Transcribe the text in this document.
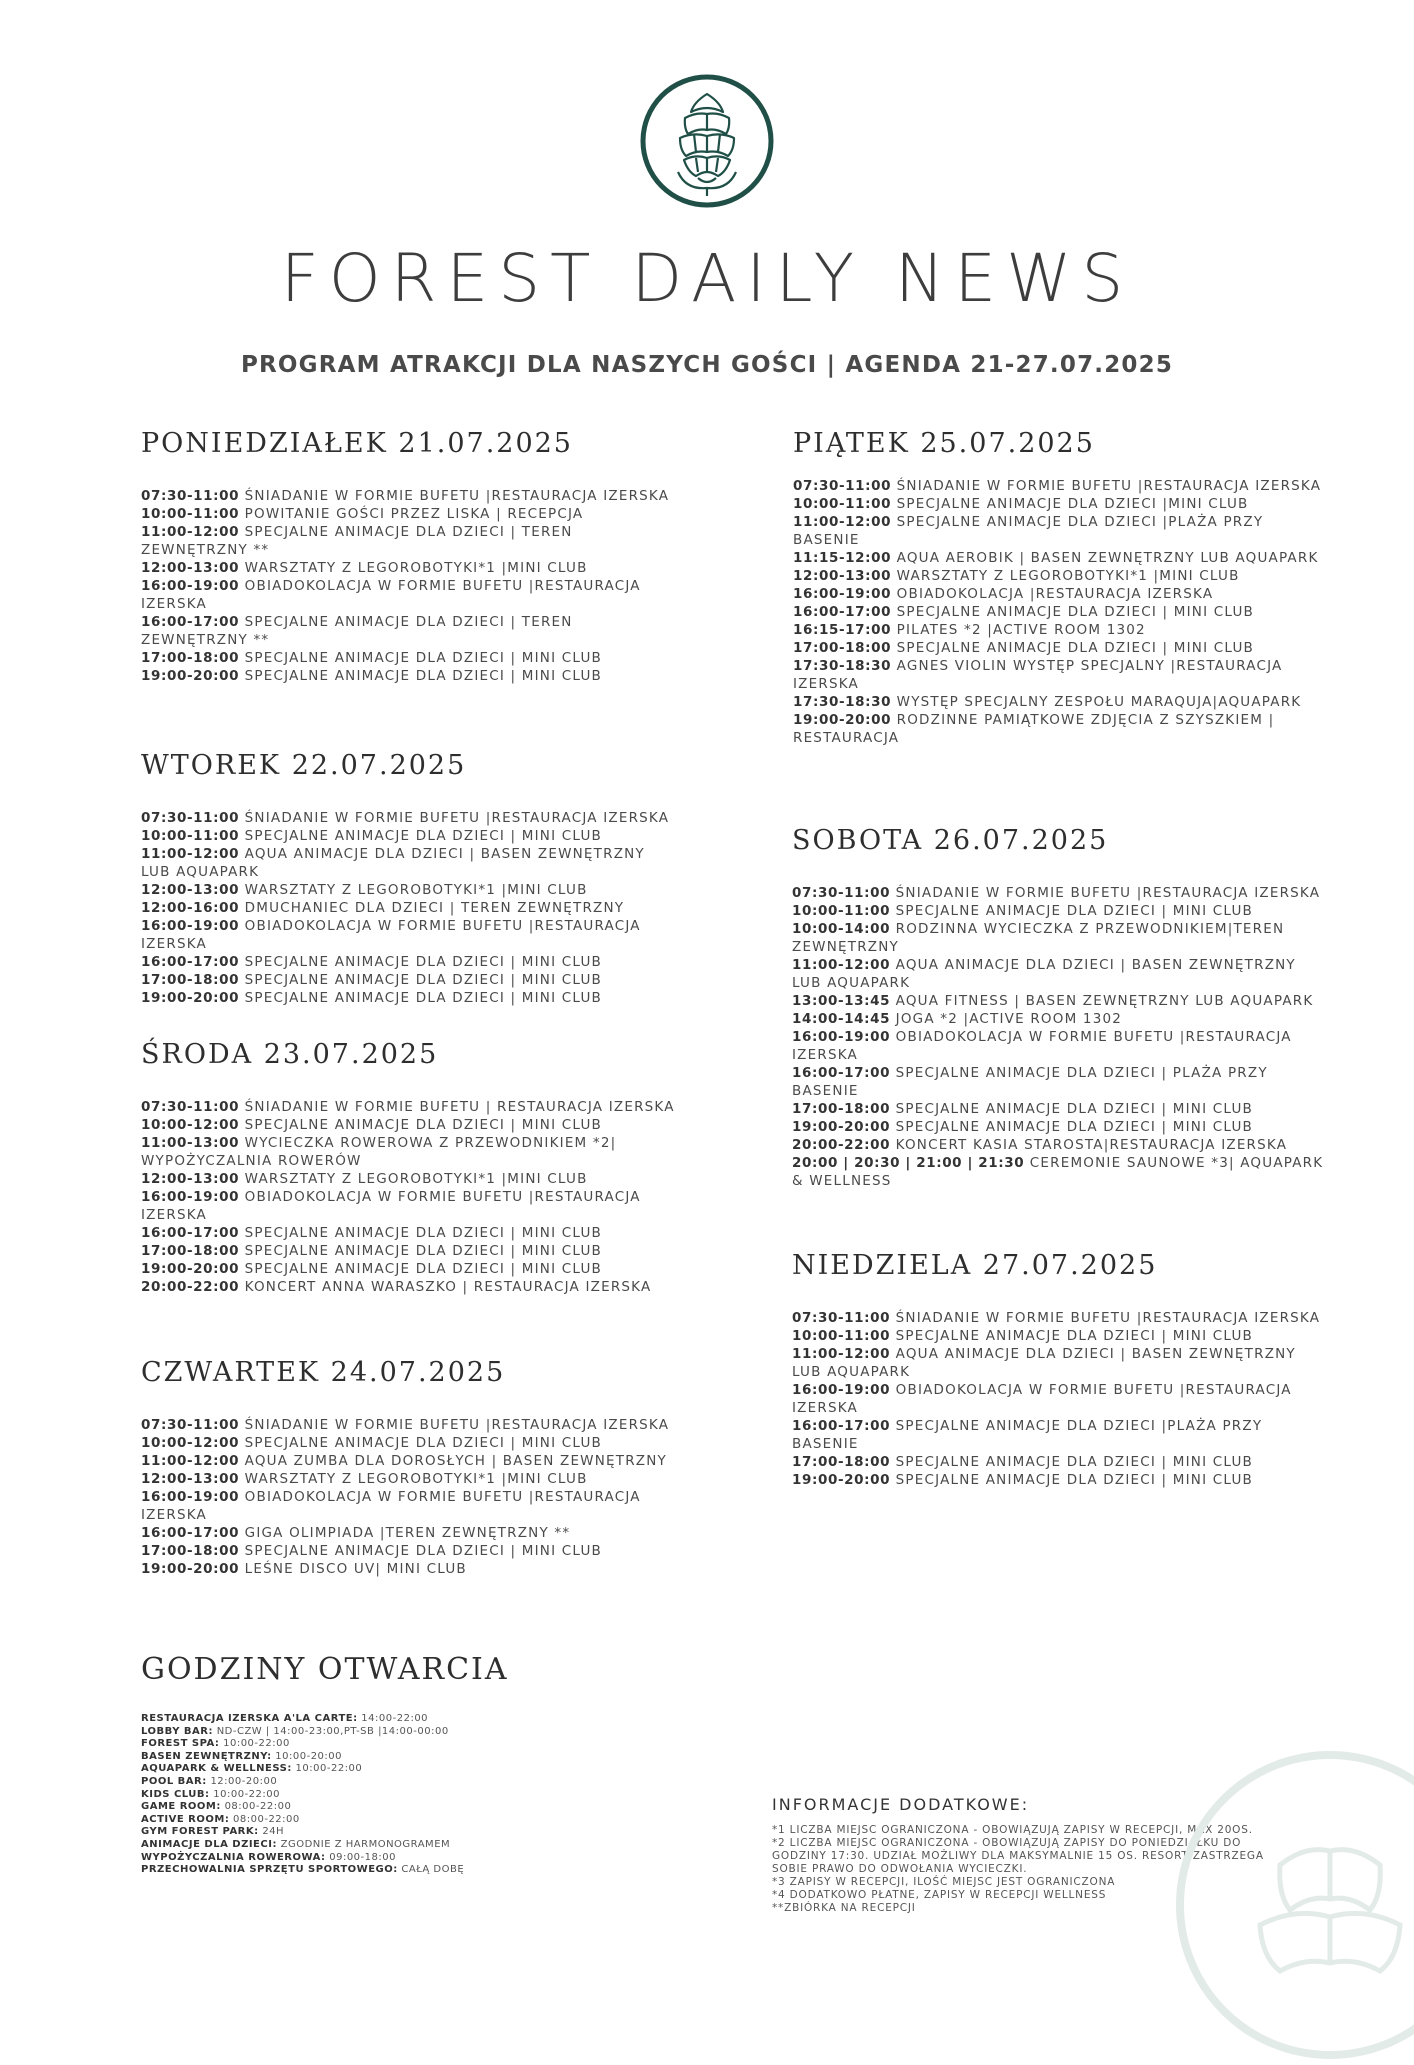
FOREST DAILY NEWS
PROGRAM ATRAKCJI DLA NASZYCH GOŚCI | AGENDA 21-27.07.2025
PONIEDZIAŁEK 21.07.2025
07:30-11:00 ŚNIADANIE W FORMIE BUFETU |RESTAURACJA IZERSKA
10:00-11:00 POWITANIE GOŚCI PRZEZ LISKA | RECEPCJA
11:00-12:00 SPECJALNE ANIMACJE DLA DZIECI | TEREN ZEWNĘTRZNY **
12:00-13:00 WARSZTATY Z LEGOROBOTYKI*1 |MINI CLUB
16:00-19:00 OBIADOKOLACJA W FORMIE BUFETU |RESTAURACJA IZERSKA
16:00-17:00 SPECJALNE ANIMACJE DLA DZIECI | TEREN ZEWNĘTRZNY **
17:00-18:00 SPECJALNE ANIMACJE DLA DZIECI | MINI CLUB
19:00-20:00 SPECJALNE ANIMACJE DLA DZIECI | MINI CLUB
WTOREK 22.07.2025
07:30-11:00 ŚNIADANIE W FORMIE BUFETU |RESTAURACJA IZERSKA
10:00-11:00 SPECJALNE ANIMACJE DLA DZIECI | MINI CLUB
11:00-12:00 AQUA ANIMACJE DLA DZIECI | BASEN ZEWNĘTRZNY LUB AQUAPARK
12:00-13:00 WARSZTATY Z LEGOROBOTYKI*1 |MINI CLUB
12:00-16:00 DMUCHANIEC DLA DZIECI | TEREN ZEWNĘTRZNY
16:00-19:00 OBIADOKOLACJA W FORMIE BUFETU |RESTAURACJA IZERSKA
16:00-17:00 SPECJALNE ANIMACJE DLA DZIECI | MINI CLUB
17:00-18:00 SPECJALNE ANIMACJE DLA DZIECI | MINI CLUB
19:00-20:00 SPECJALNE ANIMACJE DLA DZIECI | MINI CLUB
ŚRODA 23.07.2025
07:30-11:00 ŚNIADANIE W FORMIE BUFETU | RESTAURACJA IZERSKA
10:00-12:00 SPECJALNE ANIMACJE DLA DZIECI | MINI CLUB
11:00-13:00 WYCIECZKA ROWEROWA Z PRZEWODNIKIEM *2| WYPOŻYCZALNIA ROWERÓW
12:00-13:00 WARSZTATY Z LEGOROBOTYKI*1 |MINI CLUB
16:00-19:00 OBIADOKOLACJA W FORMIE BUFETU |RESTAURACJA IZERSKA
16:00-17:00 SPECJALNE ANIMACJE DLA DZIECI | MINI CLUB
17:00-18:00 SPECJALNE ANIMACJE DLA DZIECI | MINI CLUB
19:00-20:00 SPECJALNE ANIMACJE DLA DZIECI | MINI CLUB
20:00-22:00 KONCERT ANNA WARASZKO | RESTAURACJA IZERSKA
CZWARTEK 24.07.2025
07:30-11:00 ŚNIADANIE W FORMIE BUFETU |RESTAURACJA IZERSKA
10:00-12:00 SPECJALNE ANIMACJE DLA DZIECI | MINI CLUB
11:00-12:00 AQUA ZUMBA DLA DOROSŁYCH | BASEN ZEWNĘTRZNY
12:00-13:00 WARSZTATY Z LEGOROBOTYKI*1 |MINI CLUB
16:00-19:00 OBIADOKOLACJA W FORMIE BUFETU |RESTAURACJA IZERSKA
16:00-17:00 GIGA OLIMPIADA |TEREN ZEWNĘTRZNY **
17:00-18:00 SPECJALNE ANIMACJE DLA DZIECI | MINI CLUB
19:00-20:00 LEŚNE DISCO UV| MINI CLUB
PIĄTEK 25.07.2025
07:30-11:00 ŚNIADANIE W FORMIE BUFETU |RESTAURACJA IZERSKA
10:00-11:00 SPECJALNE ANIMACJE DLA DZIECI |MINI CLUB
11:00-12:00 SPECJALNE ANIMACJE DLA DZIECI |PLAŻA PRZY BASENIE
11:15-12:00 AQUA AEROBIK | BASEN ZEWNĘTRZNY LUB AQUAPARK
12:00-13:00 WARSZTATY Z LEGOROBOTYKI*1 |MINI CLUB
16:00-19:00 OBIADOKOLACJA |RESTAURACJA IZERSKA
16:00-17:00 SPECJALNE ANIMACJE DLA DZIECI | MINI CLUB
16:15-17:00 PILATES *2 |ACTIVE ROOM 1302
17:00-18:00 SPECJALNE ANIMACJE DLA DZIECI | MINI CLUB
17:30-18:30 AGNES VIOLIN WYSTĘP SPECJALNY |RESTAURACJA IZERSKA
17:30-18:30 WYSTĘP SPECJALNY ZESPOŁU MARAQUJA|AQUAPARK
19:00-20:00 RODZINNE PAMIĄTKOWE ZDJĘCIA Z SZYSZKIEM | RESTAURACJA
SOBOTA 26.07.2025
07:30-11:00 ŚNIADANIE W FORMIE BUFETU |RESTAURACJA IZERSKA
10:00-11:00 SPECJALNE ANIMACJE DLA DZIECI | MINI CLUB
10:00-14:00 RODZINNA WYCIECZKA Z PRZEWODNIKIEM|TEREN ZEWNĘTRZNY
11:00-12:00 AQUA ANIMACJE DLA DZIECI | BASEN ZEWNĘTRZNY LUB AQUAPARK
13:00-13:45 AQUA FITNESS | BASEN ZEWNĘTRZNY LUB AQUAPARK
14:00-14:45 JOGA *2 |ACTIVE ROOM 1302
16:00-19:00 OBIADOKOLACJA W FORMIE BUFETU |RESTAURACJA IZERSKA
16:00-17:00 SPECJALNE ANIMACJE DLA DZIECI | PLAŻA PRZY BASENIE
17:00-18:00 SPECJALNE ANIMACJE DLA DZIECI | MINI CLUB
19:00-20:00 SPECJALNE ANIMACJE DLA DZIECI | MINI CLUB
20:00-22:00 KONCERT KASIA STAROSTA|RESTAURACJA IZERSKA
20:00 | 20:30 | 21:00 | 21:30 CEREMONIE SAUNOWE *3| AQUAPARK & WELLNESS
NIEDZIELA 27.07.2025
07:30-11:00 ŚNIADANIE W FORMIE BUFETU |RESTAURACJA IZERSKA
10:00-11:00 SPECJALNE ANIMACJE DLA DZIECI | MINI CLUB
11:00-12:00 AQUA ANIMACJE DLA DZIECI | BASEN ZEWNĘTRZNY LUB AQUAPARK
16:00-19:00 OBIADOKOLACJA W FORMIE BUFETU |RESTAURACJA IZERSKA
16:00-17:00 SPECJALNE ANIMACJE DLA DZIECI |PLAŻA PRZY BASENIE
17:00-18:00 SPECJALNE ANIMACJE DLA DZIECI | MINI CLUB
19:00-20:00 SPECJALNE ANIMACJE DLA DZIECI | MINI CLUB
GODZINY OTWARCIA
RESTAURACJA IZERSKA A'LA CARTE: 14:00-22:00
LOBBY BAR: ND-CZW | 14:00-23:00,PT-SB |14:00-00:00
FOREST SPA: 10:00-22:00
BASEN ZEWNĘTRZNY: 10:00-20:00
AQUAPARK & WELLNESS: 10:00-22:00
POOL BAR: 12:00-20:00
KIDS CLUB: 10:00-22:00
GAME ROOM: 08:00-22:00
ACTIVE ROOM: 08:00-22:00
GYM FOREST PARK: 24H
ANIMACJE DLA DZIECI: ZGODNIE Z HARMONOGRAMEM
WYPOŻYCZALNIA ROWEROWA: 09:00-18:00
PRZECHOWALNIA SPRZĘTU SPORTOWEGO: CAŁĄ DOBĘ
INFORMACJE DODATKOWE:
*1 LICZBA MIEJSC OGRANICZONA - OBOWIĄZUJĄ ZAPISY W RECEPCJI, MAX 20OS.
*2 LICZBA MIEJSC OGRANICZONA - OBOWIĄZUJĄ ZAPISY DO PONIEDZIAŁKU DO GODZINY 17:30. UDZIAŁ MOŻLIWY DLA MAKSYMALNIE 15 OS. RESORT ZASTRZEGA SOBIE PRAWO DO ODWOŁANIA WYCIECZKI.
*3 ZAPISY W RECEPCJI, ILOŚĆ MIEJSC JEST OGRANICZONA
*4 DODATKOWO PŁATNE, ZAPISY W RECEPCJI WELLNESS
**ZBIÓRKA NA RECEPCJI
